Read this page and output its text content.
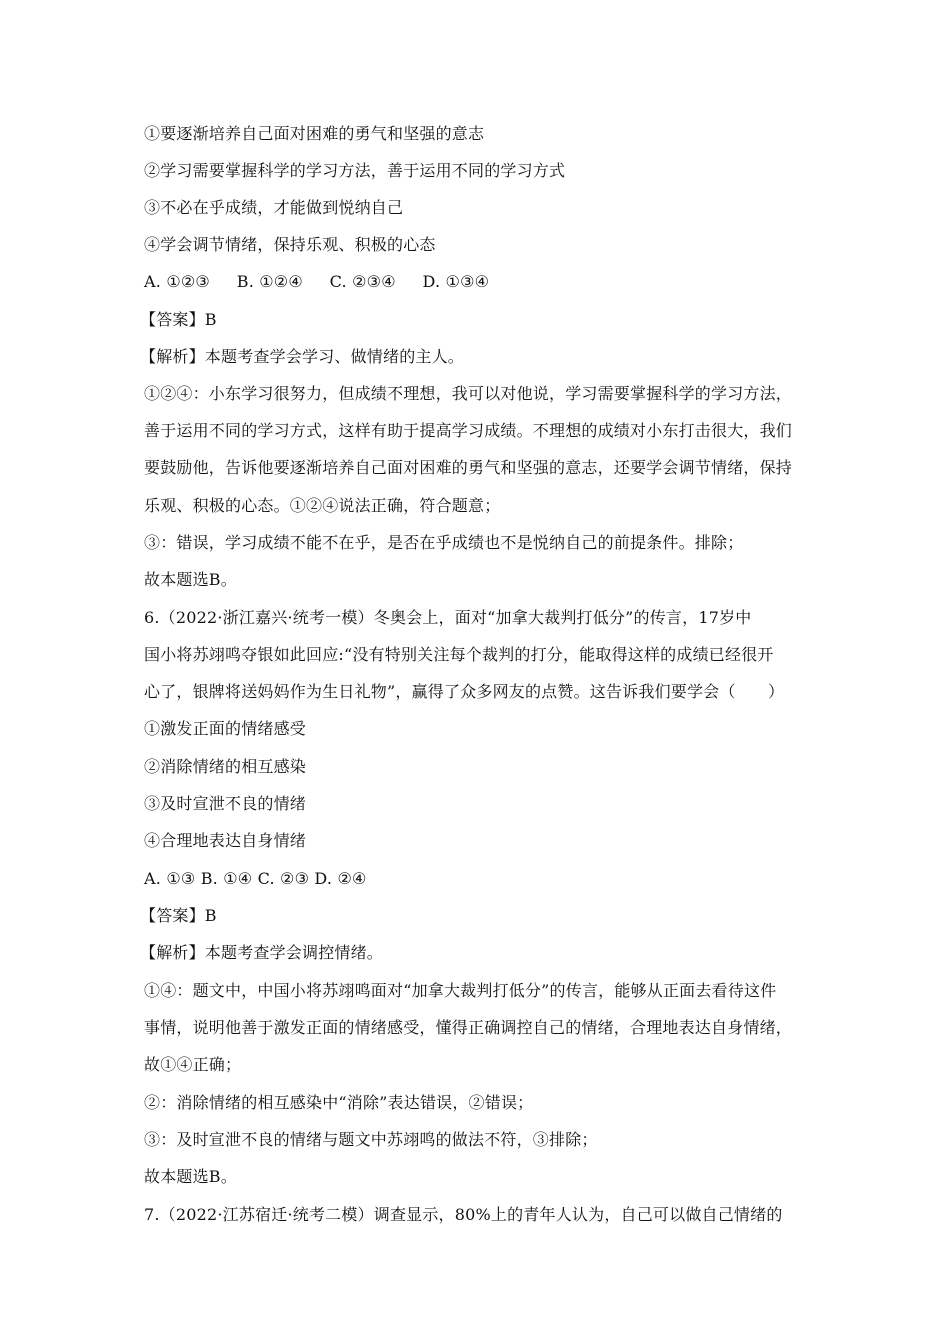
①要逐渐培养自己面对困难的勇气和坚强的意志
②学习需要掌握科学的学习方法，善于运用不同的学习方式
③不必在乎成绩，才能做到悦纳自己
④学会调节情绪，保持乐观、积极的心态
A. ①②③　  B. ①②④　  C. ②③④　  D. ①③④
【答案】B
【解析】本题考查学会学习、做情绪的主人。
①②④：小东学习很努力，但成绩不理想，我可以对他说，学习需要掌握科学的学习方法，
善于运用不同的学习方式，这样有助于提高学习成绩。不理想的成绩对小东打击很大，我们
要鼓励他，告诉他要逐渐培养自己面对困难的勇气和坚强的意志，还要学会调节情绪，保持
乐观、积极的心态。①②④说法正确，符合题意；
③：错误，学习成绩不能不在乎，是否在乎成绩也不是悦纳自己的前提条件。排除；
故本题选B。
6.（2022·浙江嘉兴·统考一模）冬奥会上，面对“加拿大裁判打低分”的传言，17岁中
国小将苏翊鸣夺银如此回应:“没有特别关注每个裁判的打分，能取得这样的成绩已经很开
心了，银牌将送妈妈作为生日礼物”，赢得了众多网友的点赞。这告诉我们要学会（　　）
①激发正面的情绪感受
②消除情绪的相互感染
③及时宣泄不良的情绪
④合理地表达自身情绪
A. ①③ B. ①④ C. ②③ D. ②④
【答案】B
【解析】本题考查学会调控情绪。
①④：题文中，中国小将苏翊鸣面对“加拿大裁判打低分”的传言，能够从正面去看待这件
事情，说明他善于激发正面的情绪感受，懂得正确调控自己的情绪，合理地表达自身情绪，
故①④正确；
②：消除情绪的相互感染中“消除”表达错误，②错误；
③：及时宣泄不良的情绪与题文中苏翊鸣的做法不符，③排除；
故本题选B。
7.（2022·江苏宿迁·统考二模）调查显示，80%上的青年人认为，自己可以做自己情绪的
